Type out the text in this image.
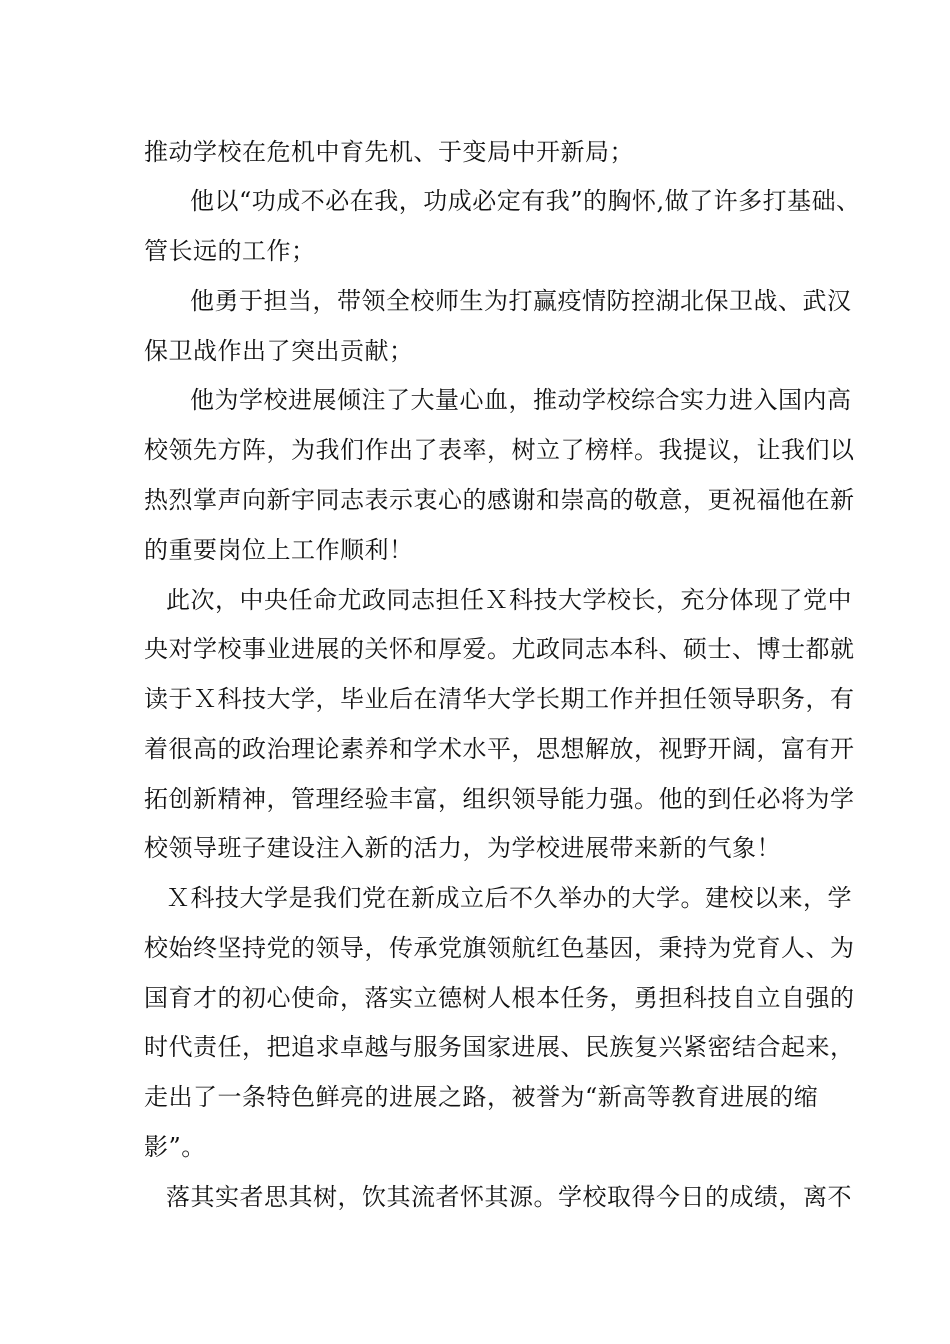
推动学校在危机中育先机、于变局中开新局；
他以“功成不必在我，功成必定有我”的胸怀,做了许多打基础、
管长远的工作；
他勇于担当，带领全校师生为打赢疫情防控湖北保卫战、武汉
保卫战作出了突出贡献；
他为学校进展倾注了大量心血，推动学校综合实力进入国内高
校领先方阵，为我们作出了表率，树立了榜样。我提议，让我们以
热烈掌声向新宇同志表示衷心的感谢和崇高的敬意，更祝福他在新
的重要岗位上工作顺利！
此次，中央任命尤政同志担任Ｘ科技大学校长，充分体现了党中
央对学校事业进展的关怀和厚爱。尤政同志本科、硕士、博士都就
读于Ｘ科技大学，毕业后在清华大学长期工作并担任领导职务，有
着很高的政治理论素养和学术水平，思想解放，视野开阔，富有开
拓创新精神，管理经验丰富，组织领导能力强。他的到任必将为学
校领导班子建设注入新的活力，为学校进展带来新的气象！
Ｘ科技大学是我们党在新成立后不久举办的大学。建校以来，学
校始终坚持党的领导，传承党旗领航红色基因，秉持为党育人、为
国育才的初心使命，落实立德树人根本任务，勇担科技自立自强的
时代责任，把追求卓越与服务国家进展、民族复兴紧密结合起来，
走出了一条特色鲜亮的进展之路，被誉为“新高等教育进展的缩
影”。
落其实者思其树，饮其流者怀其源。学校取得今日的成绩，离不
